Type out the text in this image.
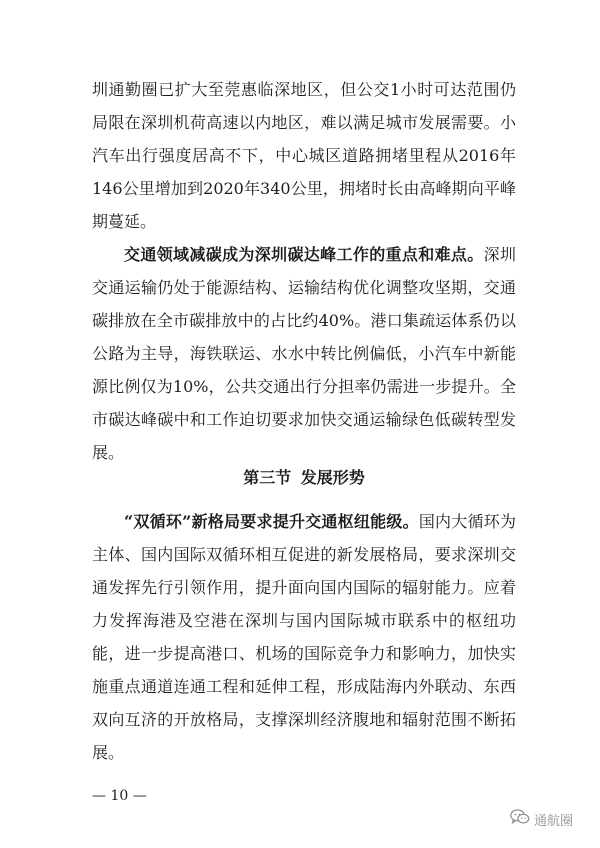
圳通勤圈已扩大至莞惠临深地区，但公交1小时可达范围仍局限在深圳机荷高速以内地区，难以满足城市发展需要。小汽车出行强度居高不下，中心城区道路拥堵里程从2016年146公里增加到2020年340公里，拥堵时长由高峰期向平峰期蔓延。

交通领域减碳成为深圳碳达峰工作的重点和难点。深圳交通运输仍处于能源结构、运输结构优化调整攻坚期，交通碳排放在全市碳排放中的占比约40%。港口集疏运体系仍以公路为主导，海铁联运、水水中转比例偏低，小汽车中新能源比例仅为10%，公共交通出行分担率仍需进一步提升。全市碳达峰碳中和工作迫切要求加快交通运输绿色低碳转型发展。

第三节 发展形势

“双循环”新格局要求提升交通枢纽能级。国内大循环为主体、国内国际双循环相互促进的新发展格局，要求深圳交通发挥先行引领作用，提升面向国内国际的辐射能力。应着力发挥海港及空港在深圳与国内国际城市联系中的枢纽功能，进一步提高港口、机场的国际竞争力和影响力，加快实施重点通道连通工程和延伸工程，形成陆海内外联动、东西双向互济的开放格局，支撑深圳经济腹地和辐射范围不断拓展。

— 10 —
通航圈
